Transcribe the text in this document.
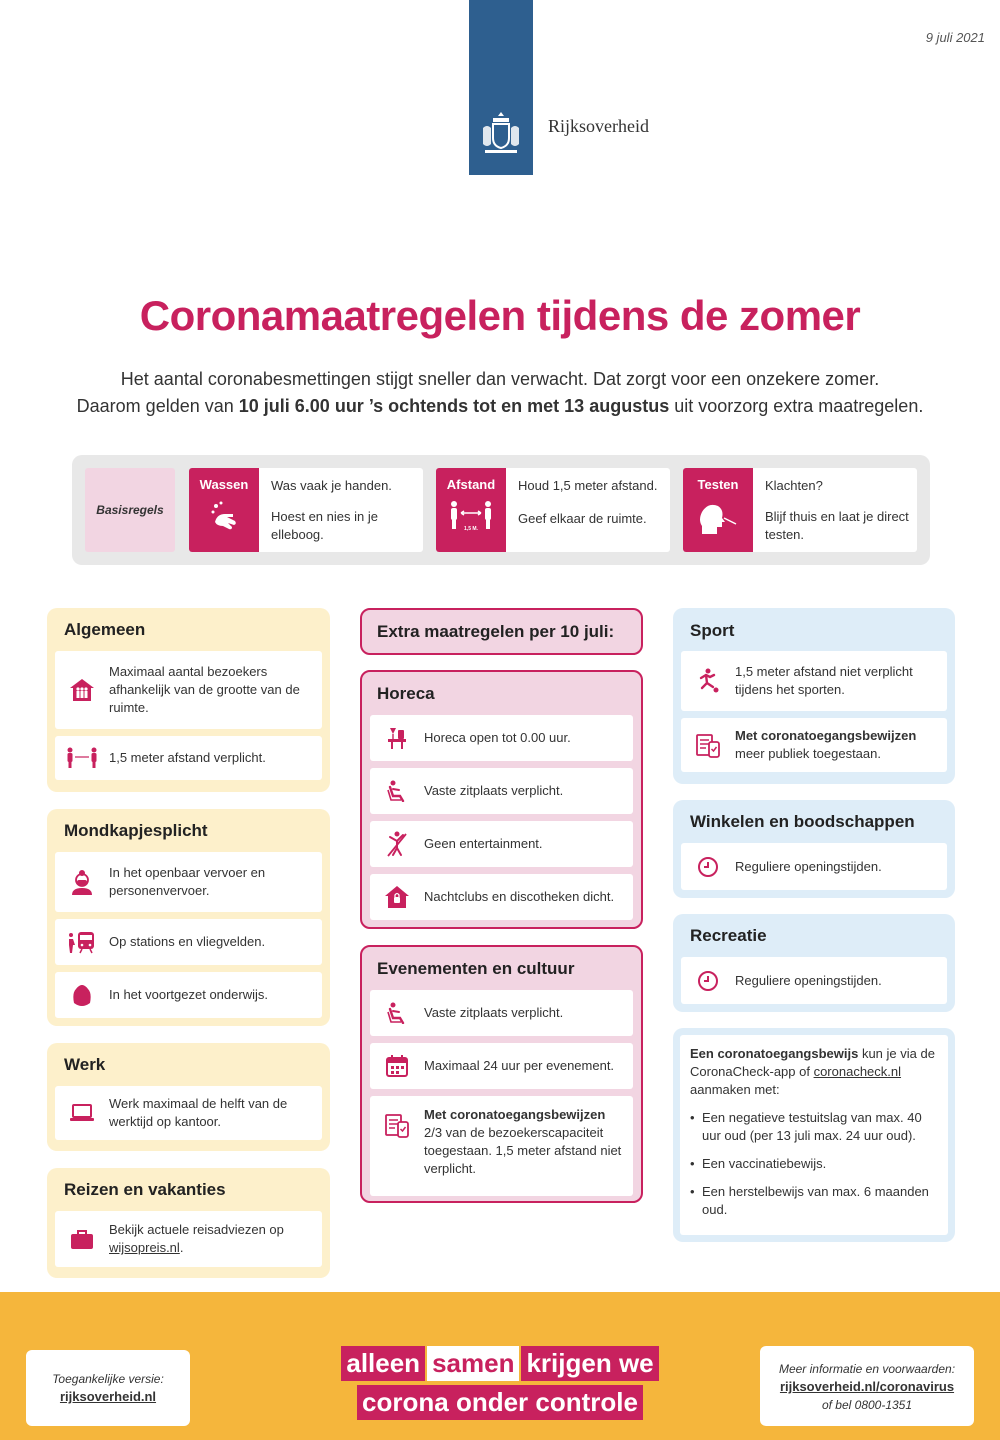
9 juli 2021
Rijksoverheid
Coronamaatregelen tijdens de zomer
Het aantal coronabesmettingen stijgt sneller dan verwacht. Dat zorgt voor een onzekere zomer.
Daarom gelden van 10 juli 6.00 uur ’s ochtends tot en met 13 augustus uit voorzorg extra maatregelen.
Basisregels
Wassen	Was vaak je handen.

Hoest en nies in je elleboog.

Afstand
1,5 M.

Houd 1,5 meter afstand.

Geef elkaar de ruimte.

Testen	Klachten?

Blijf thuis en laat je direct testen.

Algemeen
Maximaal aantal bezoekers afhankelijk van de grootte van de ruimte.
1,5 meter afstand verplicht.
Mondkapjesplicht
In het openbaar vervoer en personenvervoer.
Op stations en vliegvelden.
In het voortgezet onderwijs.
Werk
Werk maximaal de helft van de werktijd op kantoor.
Reizen en vakanties
Bekijk actuele reisadviezen op wijsopreis.nl.
Extra maatregelen per 10 juli:
Horeca
Horeca open tot 0.00 uur.
Vaste zitplaats verplicht.
Geen entertainment.
Nachtclubs en discotheken dicht.
Evenementen en cultuur
Vaste zitplaats verplicht.
Maximaal 24 uur per evenement.
Met coronatoegangsbewijzen
2/3 van de bezoekerscapaciteit toegestaan. 1,5 meter afstand niet verplicht.
Sport
1,5 meter afstand niet verplicht tijdens het sporten.
Met coronatoegangsbewijzen
meer publiek toegestaan.
Winkelen en boodschappen
Reguliere openingstijden.
Recreatie
Reguliere openingstijden.
Een coronatoegangsbewijs kun je via de CoronaCheck-app of coronacheck.nl aanmaken met:
• Een negatieve testuitslag van max. 40 uur oud (per 13 juli max. 24 uur oud).
• Een vaccinatiebewijs.
• Een herstelbewijs van max. 6 maanden oud.
Toegankelijke versie:
rijksoverheid.nl
alleen samen krijgen we
corona onder controle
Meer informatie en voorwaarden:
rijksoverheid.nl/coronavirus
of bel 0800-1351
